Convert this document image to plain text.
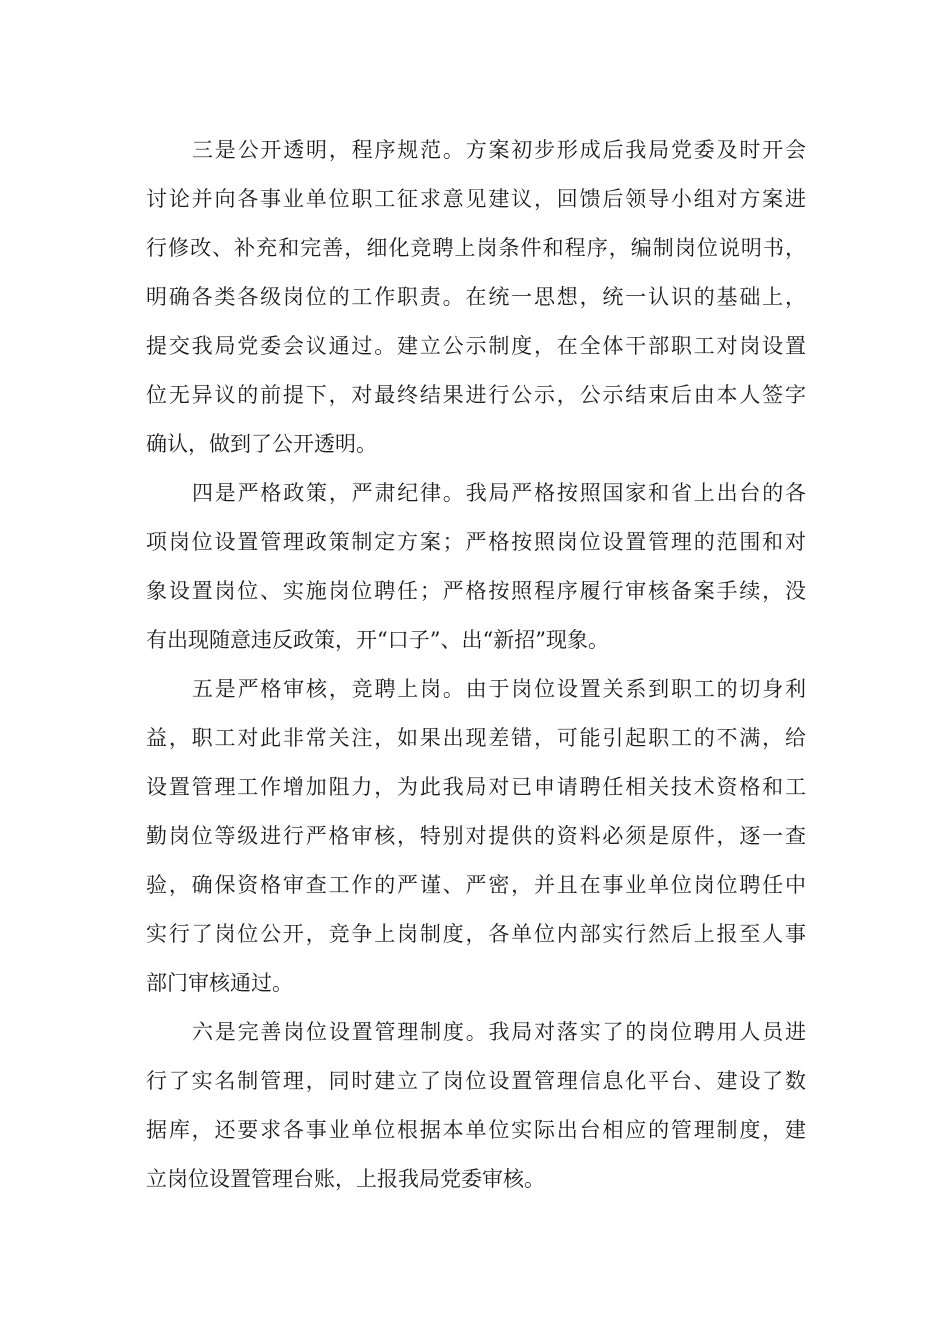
三是公开透明，程序规范。方案初步形成后我局党委及时开会
讨论并向各事业单位职工征求意见建议，回馈后领导小组对方案进
行修改、补充和完善，细化竞聘上岗条件和程序，编制岗位说明书，
明确各类各级岗位的工作职责。在统一思想，统一认识的基础上，
提交我局党委会议通过。建立公示制度，在全体干部职工对岗设置
位无异议的前提下，对最终结果进行公示，公示结束后由本人签字
确认，做到了公开透明。
四是严格政策，严肃纪律。我局严格按照国家和省上出台的各
项岗位设置管理政策制定方案；严格按照岗位设置管理的范围和对
象设置岗位、实施岗位聘任；严格按照程序履行审核备案手续，没
有出现随意违反政策，开“口子”、出“新招”现象。
五是严格审核，竞聘上岗。由于岗位设置关系到职工的切身利
益，职工对此非常关注，如果出现差错，可能引起职工的不满，给
设置管理工作增加阻力，为此我局对已申请聘任相关技术资格和工
勤岗位等级进行严格审核，特别对提供的资料必须是原件，逐一查
验，确保资格审查工作的严谨、严密，并且在事业单位岗位聘任中
实行了岗位公开，竞争上岗制度，各单位内部实行然后上报至人事
部门审核通过。
六是完善岗位设置管理制度。我局对落实了的岗位聘用人员进
行了实名制管理，同时建立了岗位设置管理信息化平台、建设了数
据库，还要求各事业单位根据本单位实际出台相应的管理制度，建
立岗位设置管理台账，上报我局党委审核。
